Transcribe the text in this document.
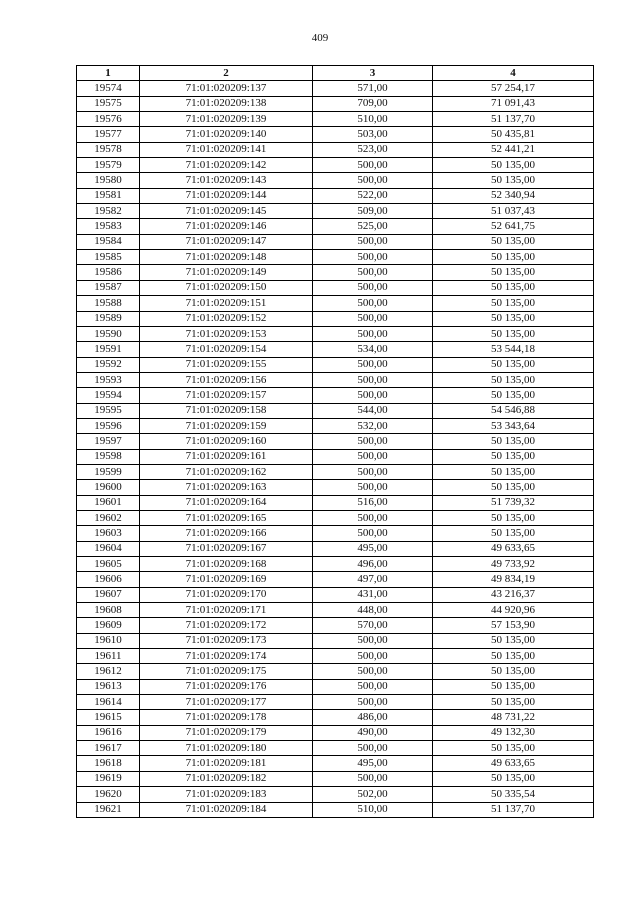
409
1	2	3	4
19574	71:01:020209:137	571,00	57 254,17
19575	71:01:020209:138	709,00	71 091,43
19576	71:01:020209:139	510,00	51 137,70
19577	71:01:020209:140	503,00	50 435,81
19578	71:01:020209:141	523,00	52 441,21
19579	71:01:020209:142	500,00	50 135,00
19580	71:01:020209:143	500,00	50 135,00
19581	71:01:020209:144	522,00	52 340,94
19582	71:01:020209:145	509,00	51 037,43
19583	71:01:020209:146	525,00	52 641,75
19584	71:01:020209:147	500,00	50 135,00
19585	71:01:020209:148	500,00	50 135,00
19586	71:01:020209:149	500,00	50 135,00
19587	71:01:020209:150	500,00	50 135,00
19588	71:01:020209:151	500,00	50 135,00
19589	71:01:020209:152	500,00	50 135,00
19590	71:01:020209:153	500,00	50 135,00
19591	71:01:020209:154	534,00	53 544,18
19592	71:01:020209:155	500,00	50 135,00
19593	71:01:020209:156	500,00	50 135,00
19594	71:01:020209:157	500,00	50 135,00
19595	71:01:020209:158	544,00	54 546,88
19596	71:01:020209:159	532,00	53 343,64
19597	71:01:020209:160	500,00	50 135,00
19598	71:01:020209:161	500,00	50 135,00
19599	71:01:020209:162	500,00	50 135,00
19600	71:01:020209:163	500,00	50 135,00
19601	71:01:020209:164	516,00	51 739,32
19602	71:01:020209:165	500,00	50 135,00
19603	71:01:020209:166	500,00	50 135,00
19604	71:01:020209:167	495,00	49 633,65
19605	71:01:020209:168	496,00	49 733,92
19606	71:01:020209:169	497,00	49 834,19
19607	71:01:020209:170	431,00	43 216,37
19608	71:01:020209:171	448,00	44 920,96
19609	71:01:020209:172	570,00	57 153,90
19610	71:01:020209:173	500,00	50 135,00
19611	71:01:020209:174	500,00	50 135,00
19612	71:01:020209:175	500,00	50 135,00
19613	71:01:020209:176	500,00	50 135,00
19614	71:01:020209:177	500,00	50 135,00
19615	71:01:020209:178	486,00	48 731,22
19616	71:01:020209:179	490,00	49 132,30
19617	71:01:020209:180	500,00	50 135,00
19618	71:01:020209:181	495,00	49 633,65
19619	71:01:020209:182	500,00	50 135,00
19620	71:01:020209:183	502,00	50 335,54
19621	71:01:020209:184	510,00	51 137,70
